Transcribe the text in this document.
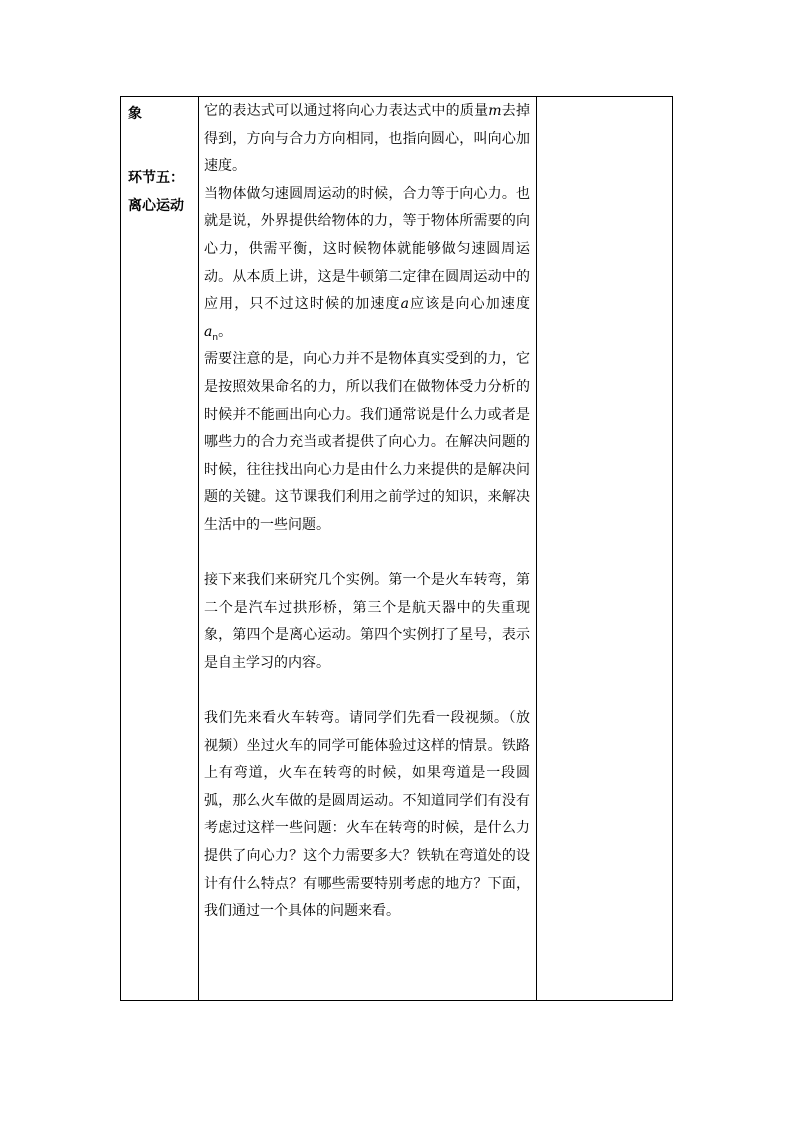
象
环节五：
离心运动

它的表达式可以通过将向心力表达式中的质量m去掉得到，方向与合力方向相同，也指向圆心，叫向心加速度。

当物体做匀速圆周运动的时候，合力等于向心力。也就是说，外界提供给物体的力，等于物体所需要的向心力，供需平衡，这时候物体就能够做匀速圆周运动。从本质上讲，这是牛顿第二定律在圆周运动中的应用，只不过这时候的加速度a应该是向心加速度$a_n$。

需要注意的是，向心力并不是物体真实受到的力，它是按照效果命名的力，所以我们在做物体受力分析的时候并不能画出向心力。我们通常说是什么力或者是哪些力的合力充当或者提供了向心力。在解决问题的时候，往往找出向心力是由什么力来提供的是解决问题的关键。这节课我们利用之前学过的知识，来解决生活中的一些问题。

接下来我们来研究几个实例。第一个是火车转弯，第二个是汽车过拱形桥，第三个是航天器中的失重现象，第四个是离心运动。第四个实例打了星号，表示是自主学习的内容。

我们先来看火车转弯。请同学们先看一段视频。（放视频）坐过火车的同学可能体验过这样的情景。铁路上有弯道，火车在转弯的时候，如果弯道是一段圆弧，那么火车做的是圆周运动。不知道同学们有没有考虑过这样一些问题：火车在转弯的时候，是什么力提供了向心力？这个力需要多大？铁轨在弯道处的设计有什么特点？有哪些需要特别考虑的地方？下面，我们通过一个具体的问题来看。
